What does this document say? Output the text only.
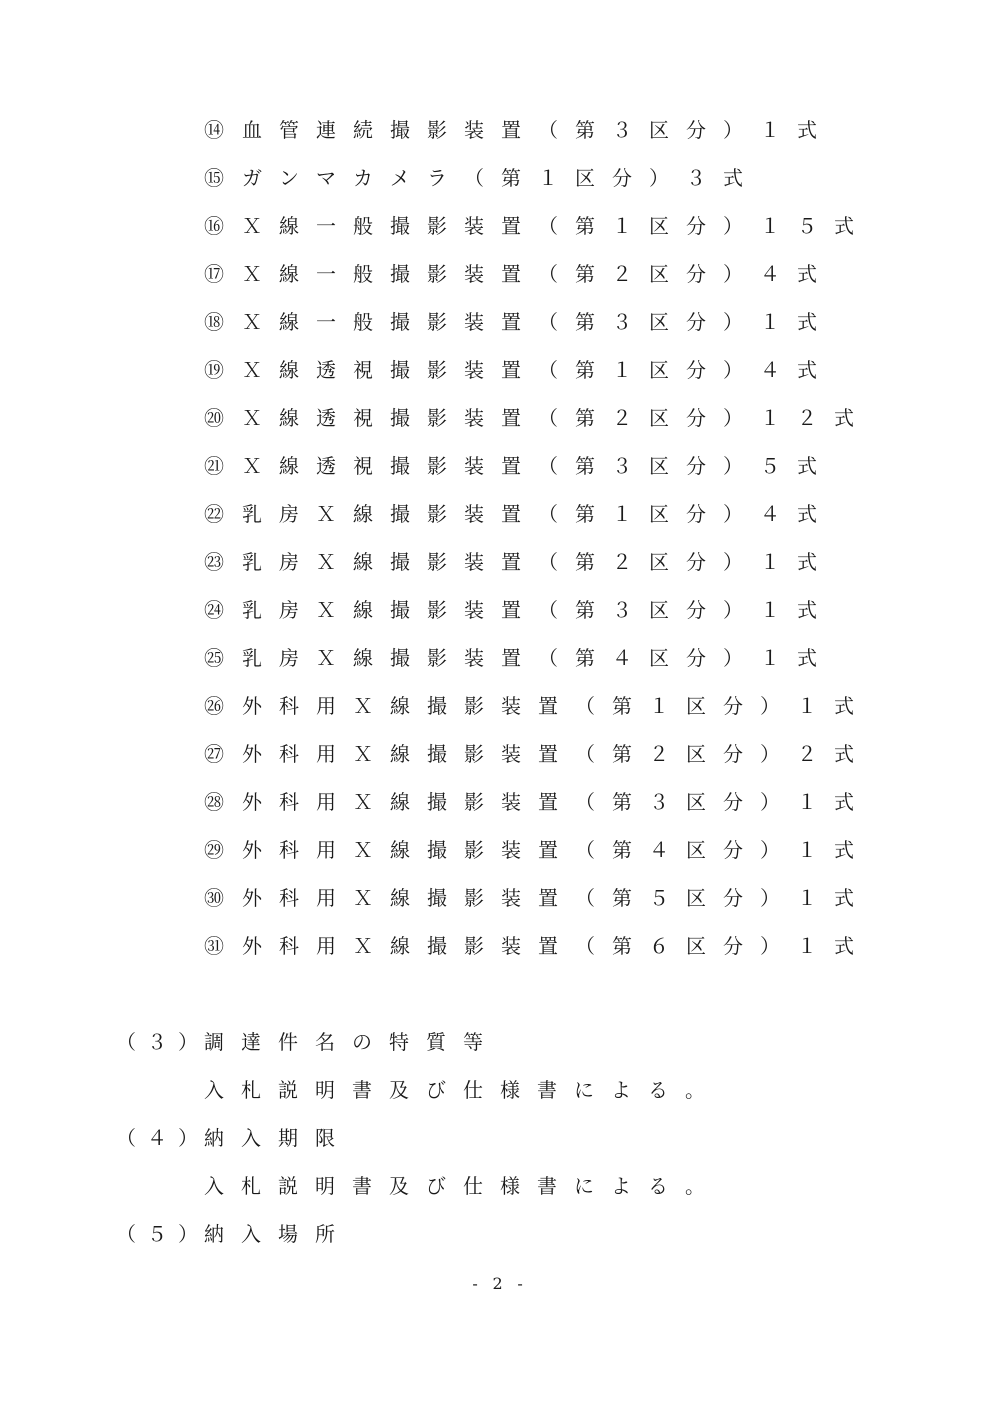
⑭ 血管連続撮影装置（第３区分）１式
⑮ ガンマカメラ（第１区分）３式
⑯ Ｘ線一般撮影装置（第１区分）１５式
⑰ Ｘ線一般撮影装置（第２区分）４式
⑱ Ｘ線一般撮影装置（第３区分）１式
⑲ Ｘ線透視撮影装置（第１区分）４式
⑳ Ｘ線透視撮影装置（第２区分）１２式
㉑ Ｘ線透視撮影装置（第３区分）５式
㉒ 乳房Ｘ線撮影装置（第１区分）４式
㉓ 乳房Ｘ線撮影装置（第２区分）１式
㉔ 乳房Ｘ線撮影装置（第３区分）１式
㉕ 乳房Ｘ線撮影装置（第４区分）１式
㉖ 外科用Ｘ線撮影装置（第１区分）１式
㉗ 外科用Ｘ線撮影装置（第２区分）２式
㉘ 外科用Ｘ線撮影装置（第３区分）１式
㉙ 外科用Ｘ線撮影装置（第４区分）１式
㉚ 外科用Ｘ線撮影装置（第５区分）１式
㉛ 外科用Ｘ線撮影装置（第６区分）１式
（３）調達件名の特質等
入札説明書及び仕様書による。
（４）納入期限
入札説明書及び仕様書による。
（５）納入場所
- 2 -
